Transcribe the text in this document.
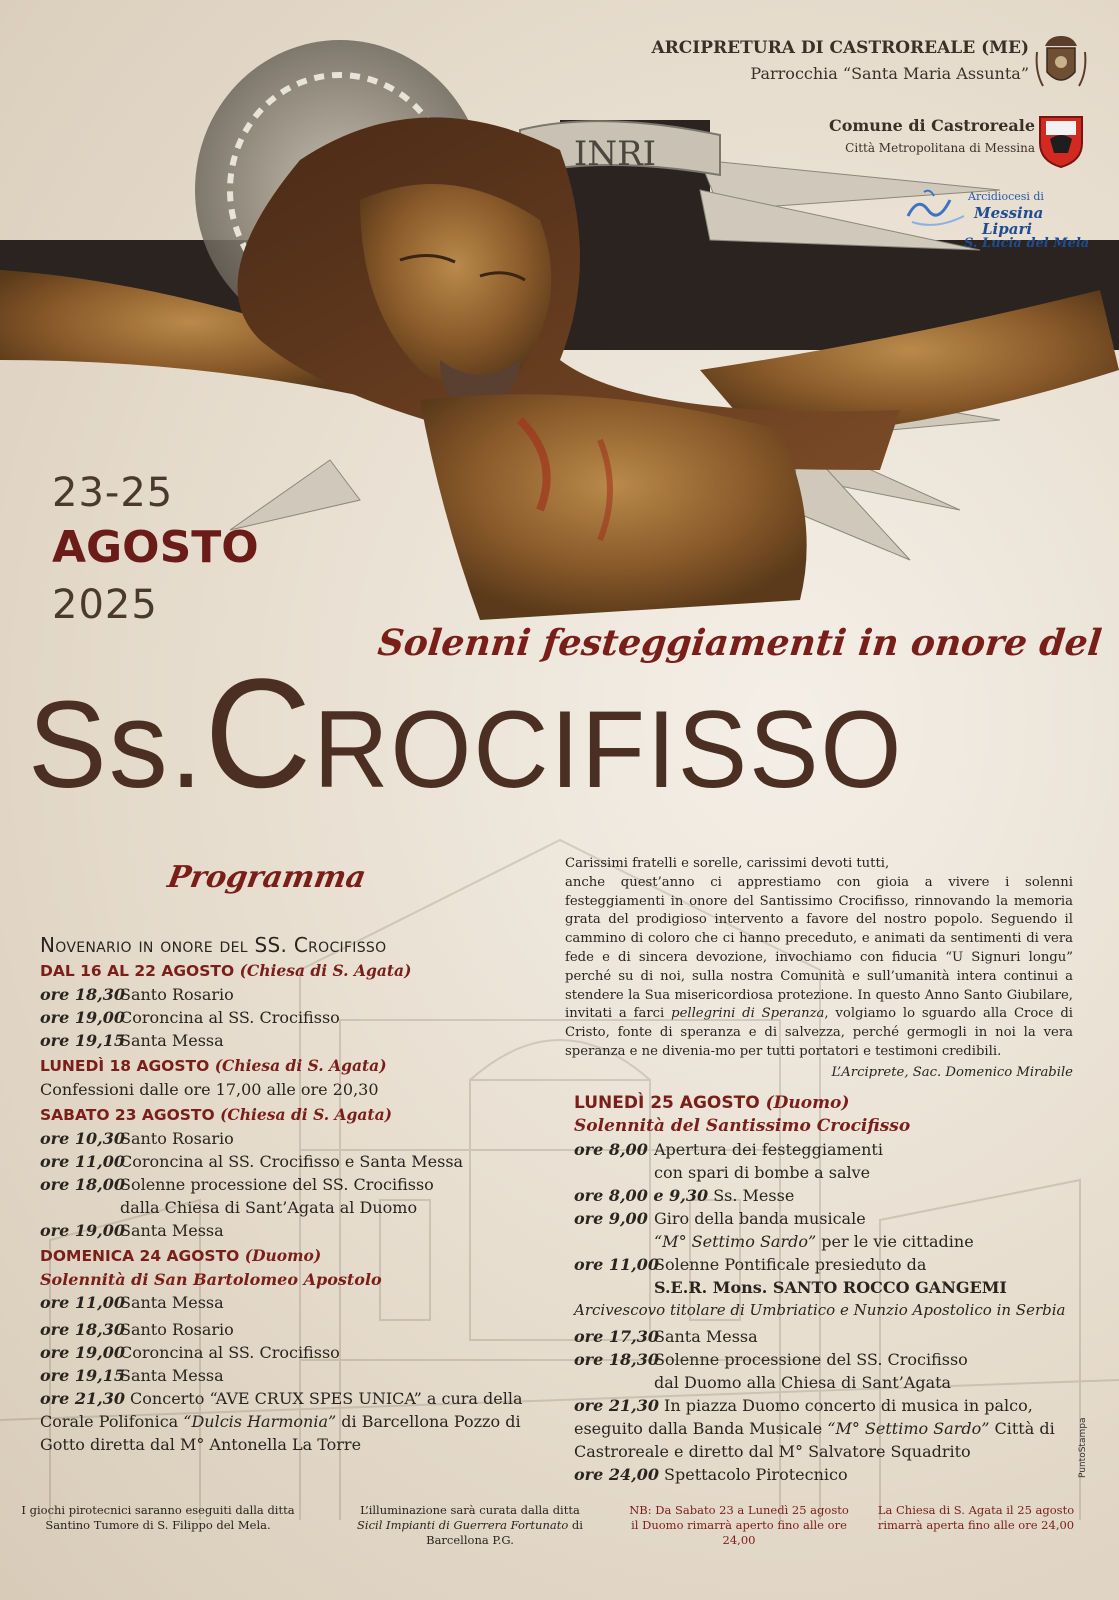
INRI
ARCIPRETURA DI CASTROREALE (ME)
Parrocchia “Santa Maria Assunta”
Comune di Castroreale
Città Metropolitana di Messina
Arcidiocesi di
Messina
Lipari
S. Lucia del Mela
23-25
AGOSTO
2025
Solenni festeggiamenti in onore del
Ss.Crocifisso
Programma	Carissimi fratelli e sorelle, carissimi devoti tutti,

anche quest’anno ci apprestiamo con gioia a vivere i solenni festeggiamenti in onore del Santissimo Crocifisso, rinnovando la memoria grata del prodigioso intervento a favore del nostro popolo. Seguendo il cammino di coloro che ci hanno preceduto, e animati da sentimenti di vera fede e di sincera devozione, invochiamo con fiducia “U Signuri longu” perché su di noi, sulla nostra Comunità e sull’umanità intera continui a stendere la Sua misericordiosa protezione. In questo Anno Santo Giubilare, invitati a farci pellegrini di Speranza, volgiamo lo sguardo alla Croce di Cristo, fonte di speranza e di salvezza, perché germogli in noi la vera speranza e ne divenia-mo per tutti portatori e testimoni credibili.

L’Arciprete, Sac. Domenico Mirabile

Novenario in onore del SS. Crocifisso
DAL 16 AL 22 AGOSTO (Chiesa di S. Agata)
ore 18,30
Santo Rosario
ore 19,00
Coroncina al SS. Crocifisso
ore 19,15
Santa Messa
LUNEDÌ 18 AGOSTO (Chiesa di S. Agata)
Confessioni dalle ore 17,00 alle ore 20,30
SABATO 23 AGOSTO (Chiesa di S. Agata)
ore 10,30
Santo Rosario
ore 11,00
Coroncina al SS. Crocifisso e Santa Messa
ore 18,00
Solenne processione del SS. Crocifisso
dalla Chiesa di Sant’Agata al Duomo
ore 19,00
Santa Messa
DOMENICA 24 AGOSTO (Duomo)
Solennità di San Bartolomeo Apostolo
ore 11,00
Santa Messa
ore 18,30
Santo Rosario
ore 19,00
Coroncina al SS. Crocifisso
ore 19,15
Santa Messa
ore 21,30 Concerto “AVE CRUX SPES UNICA” a cura della
Corale Polifonica “Dulcis Harmonia” di Barcellona Pozzo di
Gotto diretta dal M° Antonella La Torre
LUNEDÌ 25 AGOSTO (Duomo)
Solennità del Santissimo Crocifisso
ore 8,00 Apertura dei festeggiamenti
con spari di bombe a salve
ore 8,00 e 9,30 Ss. Messe
ore 9,00 Giro della banda musicale
“M° Settimo Sardo” per le vie cittadine
ore 11,00
Solenne Pontificale presieduto da
S.E.R. Mons. SANTO ROCCO GANGEMI
Arcivescovo titolare di Umbriatico e Nunzio Apostolico in Serbia
ore 17,30
Santa Messa
ore 18,30
Solenne processione del SS. Crocifisso
dal Duomo alla Chiesa di Sant’Agata
ore 21,30 In piazza Duomo concerto di musica in palco,
eseguito dalla Banda Musicale “M° Settimo Sardo” Città di
Castroreale e diretto dal M° Salvatore Squadrito
ore 24,00 Spettacolo Pirotecnico
I giochi pirotecnici saranno eseguiti dalla ditta
Santino Tumore di S. Filippo del Mela.
L’illuminazione sarà curata dalla ditta
Sicil Impianti di Guerrera Fortunato di Barcellona P.G.
NB: Da Sabato 23 a Lunedì 25 agosto
il Duomo rimarrà aperto fino alle ore 24,00
La Chiesa di S. Agata il 25 agosto
rimarrà aperta fino alle ore 24,00
PuntoStampa
